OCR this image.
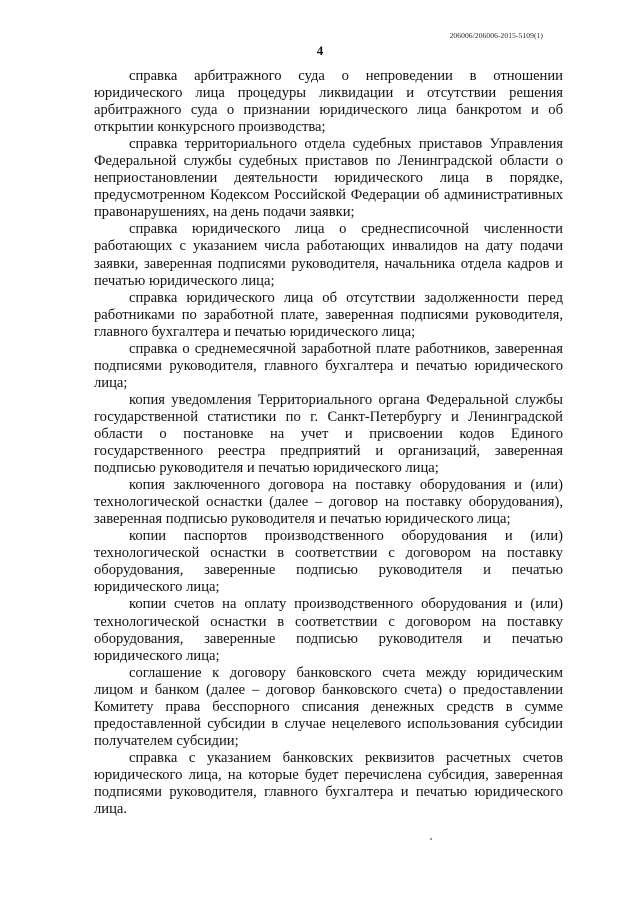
206006/206006-2015-5109(1)
4

справка арбитражного суда о непроведении в отношении юридического лица процедуры ликвидации и отсутствии решения арбитражного суда о признании юридического лица банкротом и об открытии конкурсного производства;

справка территориального отдела судебных приставов Управления Федеральной службы судебных приставов по Ленинградской области о неприостановлении деятельности юридического лица в порядке, предусмотренном Кодексом Российской Федерации об административных правонарушениях, на день подачи заявки;

справка юридического лица о среднесписочной численности работающих с указанием числа работающих инвалидов на дату подачи заявки, заверенная подписями руководителя, начальника отдела кадров и печатью юридического лица;

справка юридического лица об отсутствии задолженности перед работниками по заработной плате, заверенная подписями руководителя, главного бухгалтера и печатью юридического лица;

справка о среднемесячной заработной плате работников, заверенная подписями руководителя, главного бухгалтера и печатью юридического лица;

копия уведомления Территориального органа Федеральной службы государственной статистики по г. Санкт-Петербургу и Ленинградской области о постановке на учет и присвоении кодов Единого государственного реестра предприятий и организаций, заверенная подписью руководителя и печатью юридического лица;

копия заключенного договора на поставку оборудования и (или) технологической оснастки (далее – договор на поставку оборудования), заверенная подписью руководителя и печатью юридического лица;

копии паспортов производственного оборудования и (или) технологической оснастки в соответствии с договором на поставку оборудования, заверенные подписью руководителя и печатью юридического лица;

копии счетов на оплату производственного оборудования и (или) технологической оснастки в соответствии с договором на поставку оборудования, заверенные подписью руководителя и печатью юридического лица;

соглашение к договору банковского счета между юридическим лицом и банком (далее – договор банковского счета) о предоставлении Комитету права бесспорного списания денежных средств в сумме предоставленной субсидии в случае нецелевого использования субсидии получателем субсидии;

справка с указанием банковских реквизитов расчетных счетов юридического лица, на которые будет перечислена субсидия, заверенная подписями руководителя, главного бухгалтера и печатью юридического лица.
